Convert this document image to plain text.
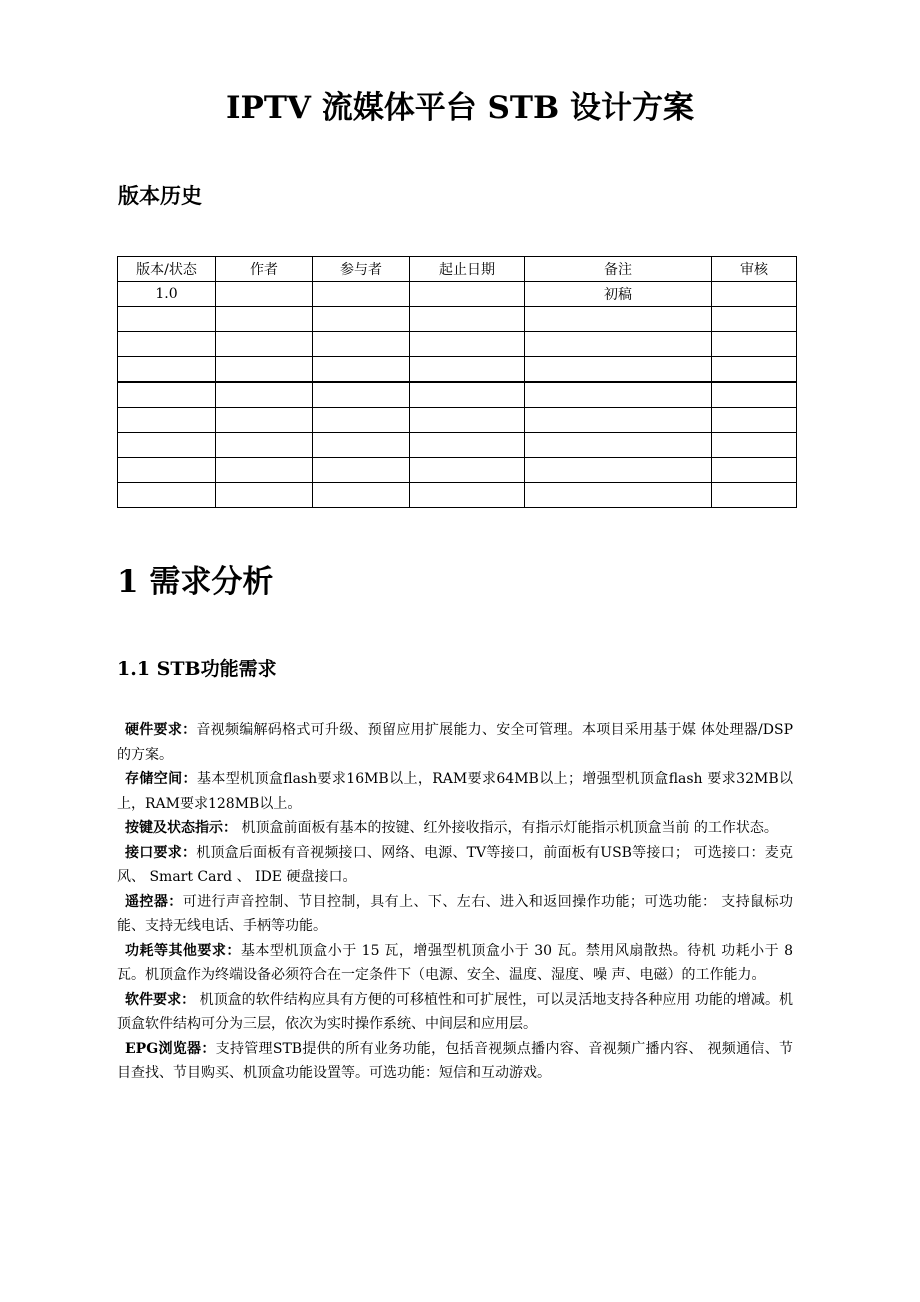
IPTV 流媒体平台 STB 设计方案
版本历史
版本/状态	作者	参与者	起止日期	备注	审核
1.0				初稿	

1 需求分析
1.1 STB功能需求

硬件要求：音视频编解码格式可升级、预留应用扩展能力、安全可管理。本项目采用基于媒 体处理器/DSP的方案。

存储空间：基本型机顶盒flash要求16MB以上，RAM要求64MB以上；增强型机顶盒flash 要求32MB以上，RAM要求128MB以上。

按键及状态指示： 机顶盒前面板有基本的按键、红外接收指示，有指示灯能指示机顶盒当前 的工作状态。

接口要求：机顶盒后面板有音视频接口、网络、电源、TV等接口，前面板有USB等接口； 可选接口：麦克风、 Smart Card 、 IDE 硬盘接口。

遥控器：可进行声音控制、节目控制，具有上、下、左右、进入和返回操作功能；可选功能： 支持鼠标功能、支持无线电话、手柄等功能。

功耗等其他要求：基本型机顶盒小于 15 瓦，增强型机顶盒小于 30 瓦。禁用风扇散热。待机 功耗小于 8 瓦。机顶盒作为终端设备必须符合在一定条件下（电源、安全、温度、湿度、噪 声、电磁）的工作能力。

软件要求： 机顶盒的软件结构应具有方便的可移植性和可扩展性，可以灵活地支持各种应用 功能的增减。机顶盒软件结构可分为三层，依次为实时操作系统、中间层和应用层。

EPG浏览器：支持管理STB提供的所有业务功能，包括音视频点播内容、音视频广播内容、 视频通信、节目查找、节目购买、机顶盒功能设置等。可选功能：短信和互动游戏。
